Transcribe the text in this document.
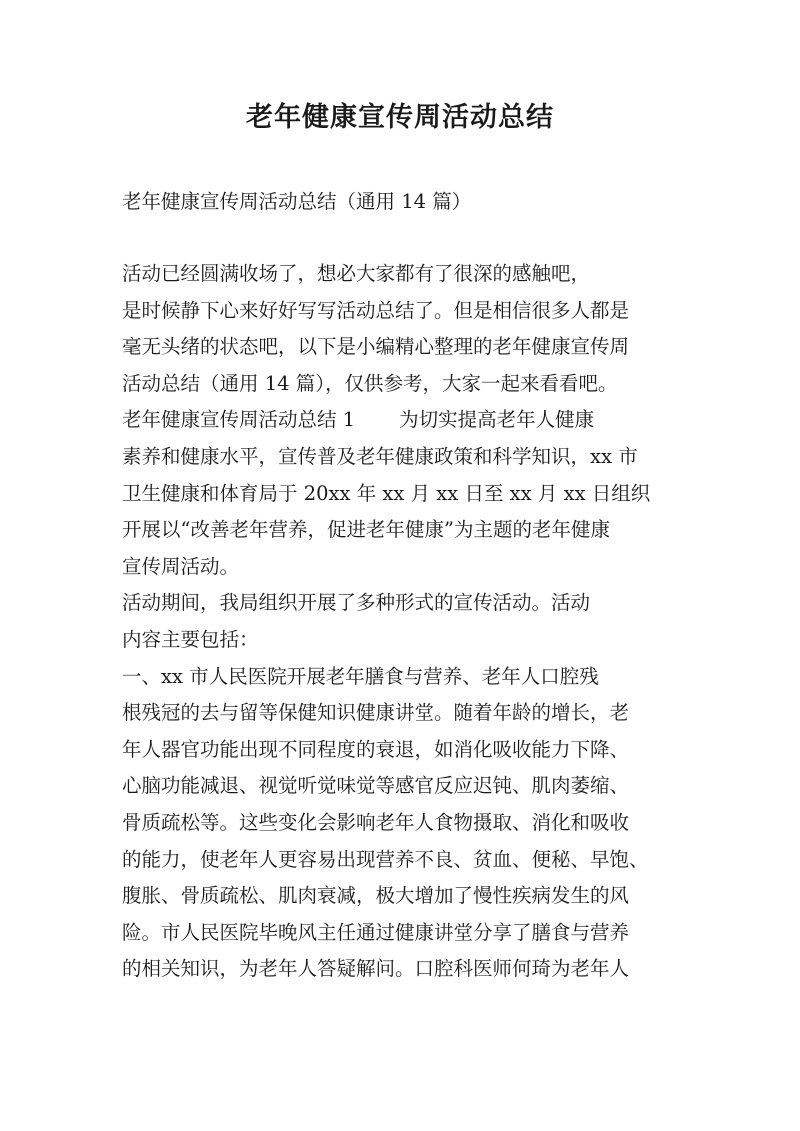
老年健康宣传周活动总结
老年健康宣传周活动总结（通用 14 篇）

活动已经圆满收场了，想必大家都有了很深的感触吧，

是时候静下心来好好写写活动总结了。但是相信很多人都是

毫无头绪的状态吧，以下是小编精心整理的老年健康宣传周

活动总结（通用 14 篇），仅供参考，大家一起来看看吧。

老年健康宣传周活动总结 1 为切实提高老年人健康

素养和健康水平，宣传普及老年健康政策和科学知识，xx 市

卫生健康和体育局于 20xx 年 xx 月 xx 日至 xx 月 xx 日组织

开展以“改善老年营养，促进老年健康”为主题的老年健康

宣传周活动。

活动期间，我局组织开展了多种形式的宣传活动。活动

内容主要包括：

一、xx 市人民医院开展老年膳食与营养、老年人口腔残

根残冠的去与留等保健知识健康讲堂。随着年龄的增长，老

年人器官功能出现不同程度的衰退，如消化吸收能力下降、

心脑功能减退、视觉听觉味觉等感官反应迟钝、肌肉萎缩、

骨质疏松等。这些变化会影响老年人食物摄取、消化和吸收

的能力，使老年人更容易出现营养不良、贫血、便秘、早饱、

腹胀、骨质疏松、肌肉衰减，极大增加了慢性疾病发生的风

险。市人民医院毕晚风主任通过健康讲堂分享了膳食与营养

的相关知识，为老年人答疑解问。口腔科医师何琦为老年人
